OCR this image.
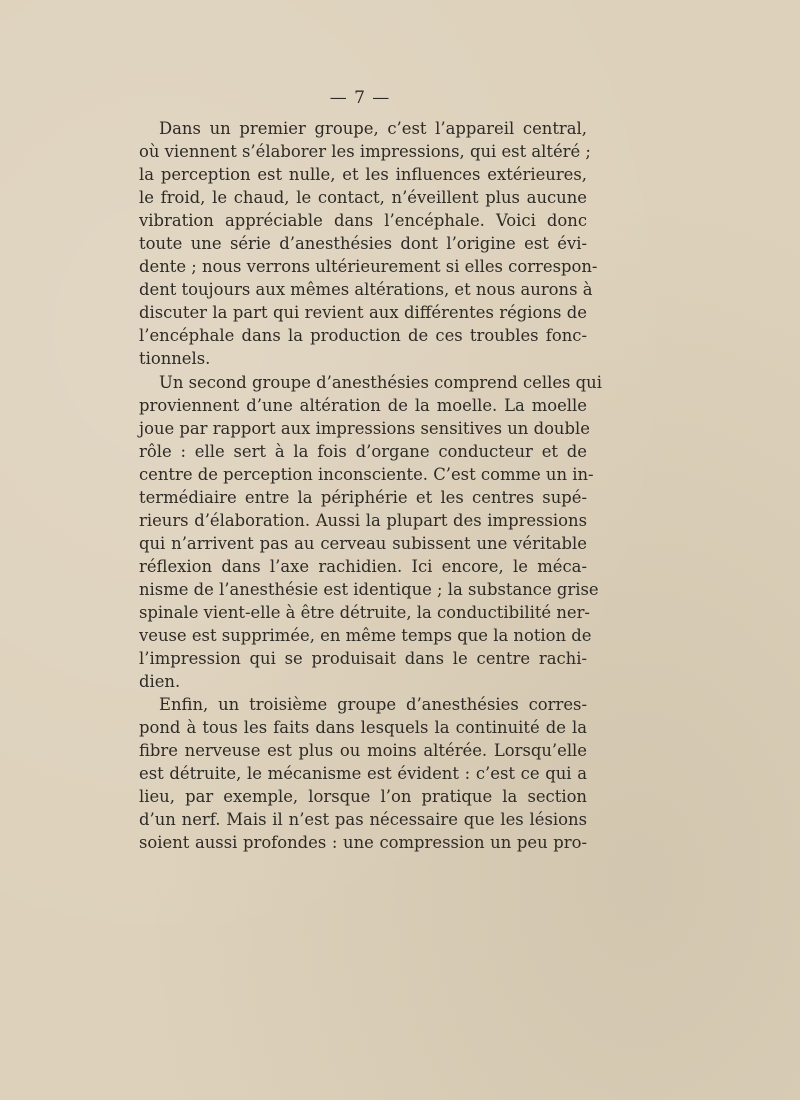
— 7 —
Dans un premier groupe, c’est l’appareil central,
où viennent s’élaborer les impressions, qui est altéré ;
la perception est nulle, et les influences extérieures,
le froid, le chaud, le contact, n’éveillent plus aucune
vibration appréciable dans l’encéphale. Voici donc
toute une série d’anesthésies dont l’origine est évi-
dente ; nous verrons ultérieurement si elles correspon-
dent toujours aux mêmes altérations, et nous aurons à
discuter la part qui revient aux différentes régions de
l’encéphale dans la production de ces troubles fonc-
tionnels.
Un second groupe d’anesthésies comprend celles qui
proviennent d’une altération de la moelle. La moelle
joue par rapport aux impressions sensitives un double
rôle : elle sert à la fois d’organe conducteur et de
centre de perception inconsciente. C’est comme un in-
termédiaire entre la périphérie et les centres supé-
rieurs d’élaboration. Aussi la plupart des impressions
qui n’arrivent pas au cerveau subissent une véritable
réflexion dans l’axe rachidien. Ici encore, le méca-
nisme de l’anesthésie est identique ; la substance grise
spinale vient-elle à être détruite, la conductibilité ner-
veuse est supprimée, en même temps que la notion de
l’impression qui se produisait dans le centre rachi-
dien.
Enfin, un troisième groupe d’anesthésies corres-
pond à tous les faits dans lesquels la continuité de la
fibre nerveuse est plus ou moins altérée. Lorsqu’elle
est détruite, le mécanisme est évident : c’est ce qui a
lieu, par exemple, lorsque l’on pratique la section
d’un nerf. Mais il n’est pas nécessaire que les lésions
soient aussi profondes : une compression un peu pro-
